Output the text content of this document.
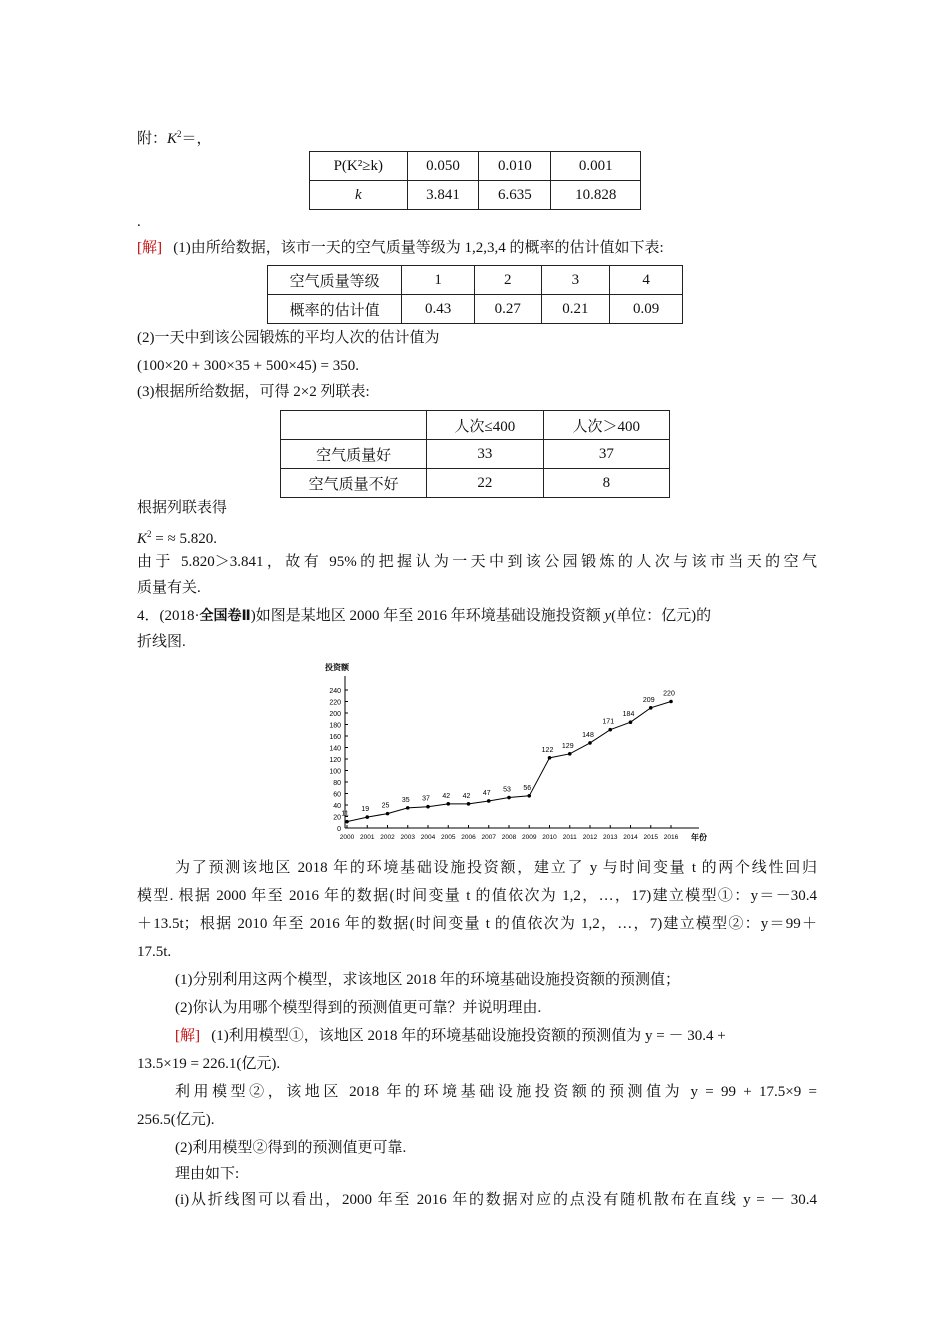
附：$K^2=$，
P(K²≥k)	0.050	0.010	0.001
k	3.841	6.635	10.828
.
[解] (1)由所给数据，该市一天的空气质量等级为 1,2,3,4 的概率的估计值如下表:
空气质量等级	1	2	3	4
概率的估计值	0.43	0.27	0.21	0.09
(2)一天中到该公园锻炼的平均人次的估计值为
(100×20 + 300×35 + 500×45) = 350.
(3)根据所给数据，可得 2×2 列联表:
	人次≤400	人次＞400
空气质量好	33	37
空气质量不好	22	8
根据列联表得
$K^2$ = ≈ 5.820.
由于 5.820＞3.841，故有 95%的把握认为一天中到该公园锻炼的人次与该市当天的空气
质量有关.
4．(2018·全国卷Ⅱ)如图是某地区 2000 年至 2016 年环境基础设施投资额 y(单位：亿元)的
折线图.
投资额
年份
0
20
40
60
80
100
120
140
160
180
200
220
240
2000 2001 2002 2003 2004 2005 2006 2007 2008 2009 2010 2011 2012 2013 2014 2015 2016
11
19 25
35 37 42 42 47 53 56
122
129
148
171
184
209
220
为了预测该地区 2018 年的环境基础设施投资额，建立了 y 与时间变量 t 的两个线性回归
模型. 根据 2000 年至 2016 年的数据(时间变量 t 的值依次为 1,2，…，17)建立模型①：y＝－30.4
＋13.5t；根据 2010 年至 2016 年的数据(时间变量 t 的值依次为 1,2，…，7)建立模型②：y＝99＋
17.5t.
(1)分别利用这两个模型，求该地区 2018 年的环境基础设施投资额的预测值；
(2)你认为用哪个模型得到的预测值更可靠？并说明理由.
[解] (1)利用模型①，该地区 2018 年的环境基础设施投资额的预测值为 y = － 30.4 +
13.5×19 = 226.1(亿元).
利用模型②，该地区 2018 年的环境基础设施投资额的预测值为 y = 99 + 17.5×9 =
256.5(亿元).
(2)利用模型②得到的预测值更可靠.
理由如下:
(i)从折线图可以看出，2000 年至 2016 年的数据对应的点没有随机散布在直线 y = － 30.4
